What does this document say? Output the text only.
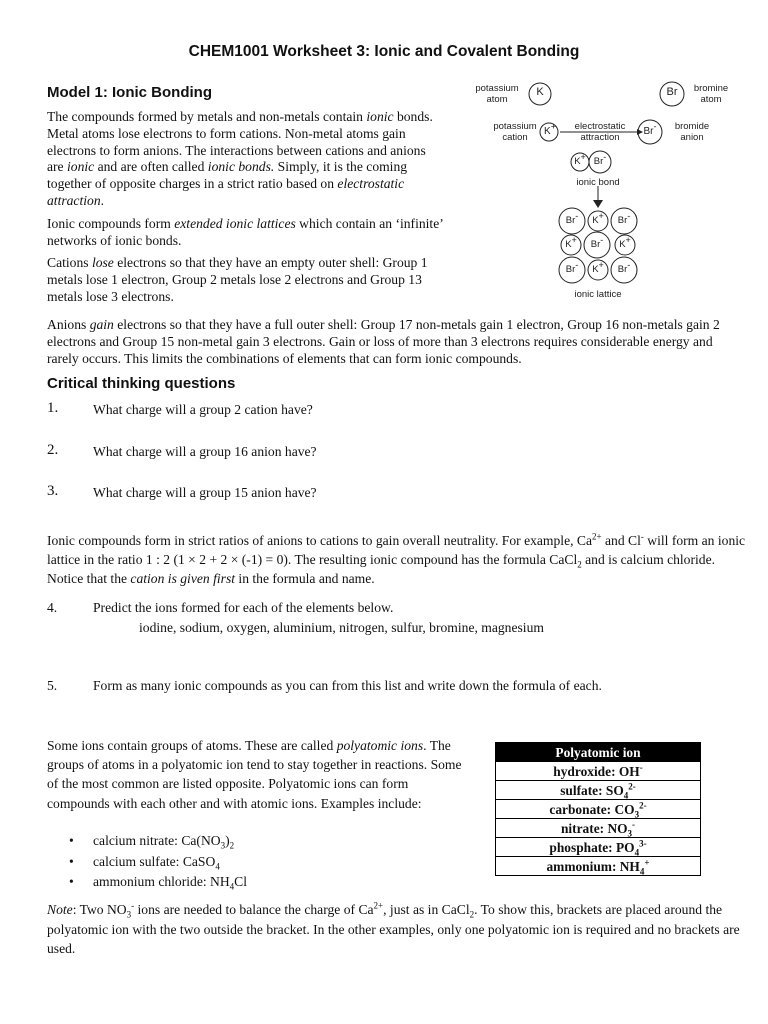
CHEM1001 Worksheet 3: Ionic and Covalent Bonding
Model 1: Ionic Bonding

The compounds formed by metals and non-metals contain ionic bonds. Metal atoms lose electrons to form cations. Non-metal atoms gain electrons to form anions. The interactions between cations and anions are ionic and are often called ionic bonds. Simply, it is the coming together of opposite charges in a strict ratio based on electrostatic attraction.

Ionic compounds form extended ionic lattices which contain an ‘infinite’ networks of ionic bonds.

Cations lose electrons so that they have an empty outer shell: Group 1 metals lose 1 electron, Group 2 metals lose 2 electrons and Group 13 metals lose 3 electrons.

Anions gain electrons so that they have a full outer shell: Group 17 non-metals gain 1 electron, Group 16 non-metals gain 2 electrons and Group 15 non-metal gain 3 electrons. Gain or loss of more than 3 electrons requires considerable energy and rarely occurs. This limits the combinations of elements that can form ionic compounds.
potassium atom
bromine atom
K	Br
potassium cation
K+	electrostatic attraction
Br-	bromide anion
K+ Br-
ionic bond
Br-	K+	Br-
K+	Br-	K+
Br-	K+	Br-
ionic lattice
Critical thinking questions
1.	What charge will a group 2 cation have?
2.	What charge will a group 16 anion have?
3.	What charge will a group 15 anion have?
Ionic compounds form in strict ratios of anions to cations to gain overall neutrality. For example, $Ca^{2+}$ and Cl- will form an ionic lattice in the ratio 1 : 2 (1 × 2 + 2 × (-1) = 0). The resulting ionic compound has the formula CaCl$_2$ and is calcium chloride. Notice that the cation is given first in the formula and name.
4.	Predict the ions formed for each of the elements below.
iodine, sodium, oxygen, aluminium, nitrogen, sulfur, bromine, magnesium
5.	Form as many ionic compounds as you can from this list and write down the formula of each.
Some ions contain groups of atoms. These are called polyatomic ions. The groups of atoms in a polyatomic ion tend to stay together in reactions. Some of the most common are listed opposite. Polyatomic ions can form compounds with each other and with atomic ions. Examples include:
• calcium nitrate: $Ca(NO_3)_2$
• calcium sulfate: CaSO$_4$
• ammonium chloride: $NH_4Cl$
Polyatomic ion
hydroxide: OH-
sulfate: $SO_4^{2-}$
carbonate: $CO_3^{2-}$
nitrate: $NO_3^-$
phosphate: $PO_4^{3-}$
ammonium: $NH_4^+$
Note: Two $NO_3^-$ ions are needed to balance the charge of $Ca^{2+}$, just as in CaCl$_2$. To show this, brackets are placed around the polyatomic ion with the two outside the bracket. In the other examples, only one polyatomic ion is required and no brackets are used.
